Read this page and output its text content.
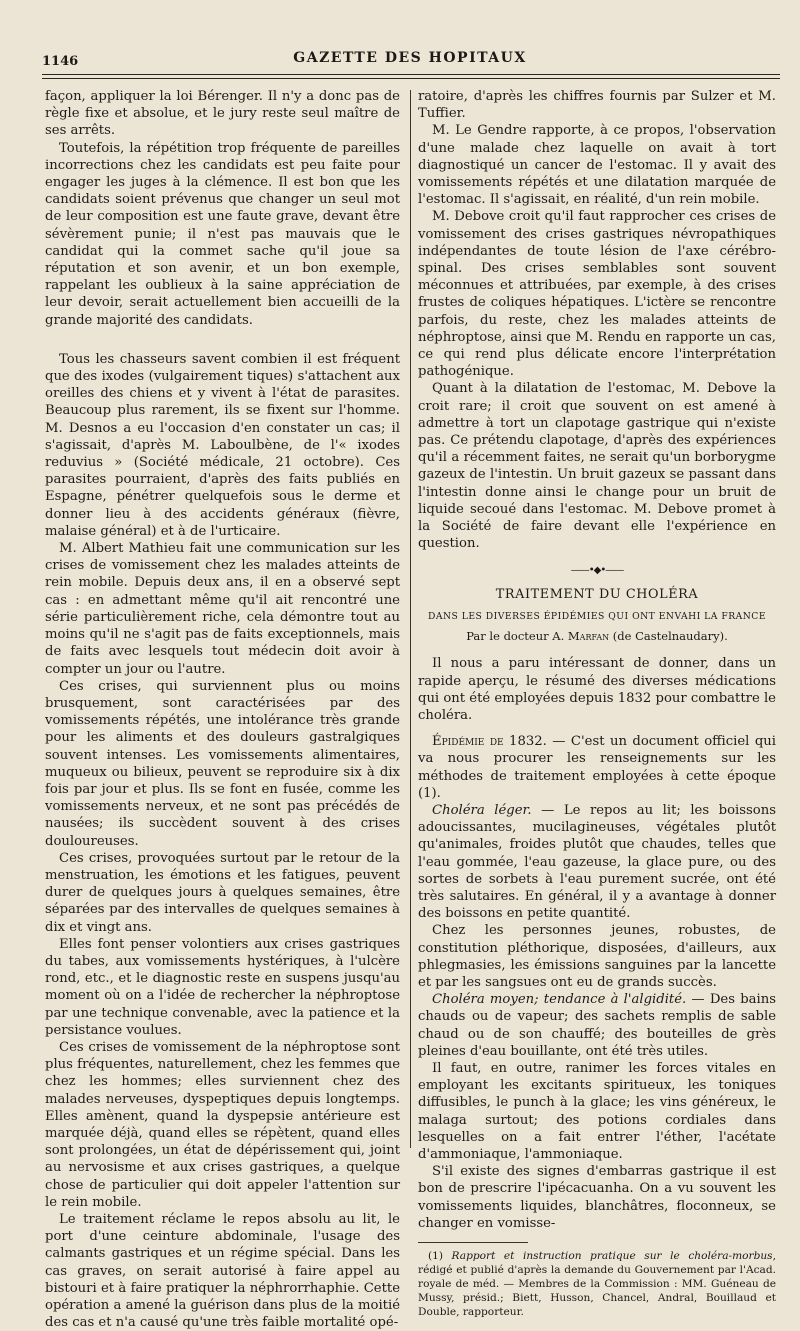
1146	GAZETTE DES HOPITAUX

façon, appliquer la loi Bérenger. Il n'y a donc pas de règle fixe et absolue, et le jury reste seul maître de ses arrêts.

Toutefois, la répétition trop fréquente de pareilles incorrections chez les candidats est peu faite pour engager les juges à la clémence. Il est bon que les candidats soient prévenus que changer un seul mot de leur composition est une faute grave, devant être sévèrement punie; il n'est pas mauvais que le candidat qui la commet sache qu'il joue sa réputation et son avenir, et un bon exemple, rappelant les oublieux à la saine appréciation de leur devoir, serait actuellement bien accueilli de la grande majorité des candidats.

Tous les chasseurs savent combien il est fréquent que des ixodes (vulgairement tiques) s'attachent aux oreilles des chiens et y vivent à l'état de parasites. Beaucoup plus rarement, ils se fixent sur l'homme. M. Desnos a eu l'occasion d'en constater un cas; il s'agissait, d'après M. Laboulbène, de l'« ixodes reduvius » (Société médicale, 21 octobre). Ces parasites pourraient, d'après des faits publiés en Espagne, pénétrer quelquefois sous le derme et donner lieu à des accidents généraux (fièvre, malaise général) et à de l'urticaire.

M. Albert Mathieu fait une communication sur les crises de vomissement chez les malades atteints de rein mobile. Depuis deux ans, il en a observé sept cas : en admettant même qu'il ait rencontré une série particulièrement riche, cela démontre tout au moins qu'il ne s'agit pas de faits exceptionnels, mais de faits avec lesquels tout médecin doit avoir à compter un jour ou l'autre.

Ces crises, qui surviennent plus ou moins brusquement, sont caractérisées par des vomissements répétés, une intolérance très grande pour les aliments et des douleurs gastralgiques souvent intenses. Les vomissements alimentaires, muqueux ou bilieux, peuvent se reproduire six à dix fois par jour et plus. Ils se font en fusée, comme les vomissements nerveux, et ne sont pas précédés de nausées; ils succèdent souvent à des crises douloureuses.

Ces crises, provoquées surtout par le retour de la menstruation, les émotions et les fatigues, peuvent durer de quelques jours à quelques semaines, être séparées par des intervalles de quelques semaines à dix et vingt ans.

Elles font penser volontiers aux crises gastriques du tabes, aux vomissements hystériques, à l'ulcère rond, etc., et le diagnostic reste en suspens jusqu'au moment où on a l'idée de rechercher la néphroptose par une technique convenable, avec la patience et la persistance voulues.

Ces crises de vomissement de la néphroptose sont plus fréquentes, naturellement, chez les femmes que chez les hommes; elles surviennent chez des malades nerveuses, dyspeptiques depuis longtemps. Elles amènent, quand la dyspepsie antérieure est marquée déjà, quand elles se répètent, quand elles sont prolongées, un état de dépérissement qui, joint au nervosisme et aux crises gastriques, a quelque chose de particulier qui doit appeler l'attention sur le rein mobile.

Le traitement réclame le repos absolu au lit, le port d'une ceinture abdominale, l'usage des calmants gastriques et un régime spécial. Dans les cas graves, on serait autorisé à faire appel au bistouri et à faire pratiquer la néphrorrhaphie. Cette opération a amené la guérison dans plus de la moitié des cas et n'a causé qu'une très faible mortalité opé-

ratoire, d'après les chiffres fournis par Sulzer et M. Tuffier.

M. Le Gendre rapporte, à ce propos, l'observation d'une malade chez laquelle on avait à tort diagnostiqué un cancer de l'estomac. Il y avait des vomissements répétés et une dilatation marquée de l'estomac. Il s'agissait, en réalité, d'un rein mobile.

M. Debove croit qu'il faut rapprocher ces crises de vomissement des crises gastriques névropathiques indépendantes de toute lésion de l'axe cérébro-spinal. Des crises semblables sont souvent méconnues et attribuées, par exemple, à des crises frustes de coliques hépatiques. L'ictère se rencontre parfois, du reste, chez les malades atteints de néphroptose, ainsi que M. Rendu en rapporte un cas, ce qui rend plus délicate encore l'interprétation pathogénique.

Quant à la dilatation de l'estomac, M. Debove la croit rare; il croit que souvent on est amené à admettre à tort un clapotage gastrique qui n'existe pas. Ce prétendu clapotage, d'après des expériences qu'il a récemment faites, ne serait qu'un borborygme gazeux de l'intestin. Un bruit gazeux se passant dans l'intestin donne ainsi le change pour un bruit de liquide secoué dans l'estomac. M. Debove promet à la Société de faire devant elle l'expérience en question.

——•◆•——
TRAITEMENT DU CHOLÉRA
DANS LES DIVERSES ÉPIDÉMIES QUI ONT ENVAHI LA FRANCE
Par le docteur A. Marfan (de Castelnaudary).

Il nous a paru intéressant de donner, dans un rapide aperçu, le résumé des diverses médications qui ont été employées depuis 1832 pour combattre le choléra.

Épidémie de 1832. — C'est un document officiel qui va nous procurer les renseignements sur les méthodes de traitement employées à cette époque (1).

Choléra léger. — Le repos au lit; les boissons adoucissantes, mucilagineuses, végétales plutôt qu'animales, froides plutôt que chaudes, telles que l'eau gommée, l'eau gazeuse, la glace pure, ou des sortes de sorbets à l'eau purement sucrée, ont été très salutaires. En général, il y a avantage à donner des boissons en petite quantité.

Chez les personnes jeunes, robustes, de constitution pléthorique, disposées, d'ailleurs, aux phlegmasies, les émissions sanguines par la lancette et par les sangsues ont eu de grands succès.

Choléra moyen; tendance à l'algidité. — Des bains chauds ou de vapeur; des sachets remplis de sable chaud ou de son chauffé; des bouteilles de grès pleines d'eau bouillante, ont été très utiles.

Il faut, en outre, ranimer les forces vitales en employant les excitants spiritueux, les toniques diffusibles, le punch à la glace; les vins généreux, le malaga surtout; des potions cordiales dans lesquelles on a fait entrer l'éther, l'acétate d'ammoniaque, l'ammoniaque.

S'il existe des signes d'embarras gastrique il est bon de prescrire l'ipécacuanha. On a vu souvent les vomissements liquides, blanchâtres, floconneux, se changer en vomisse-

(1) Rapport et instruction pratique sur le choléra-morbus, rédigé et publié d'après la demande du Gouvernement par l'Acad. royale de méd. — Membres de la Commission : MM. Guéneau de Mussy, présid.; Biett, Husson, Chancel, Andral, Bouillaud et Double, rapporteur.
